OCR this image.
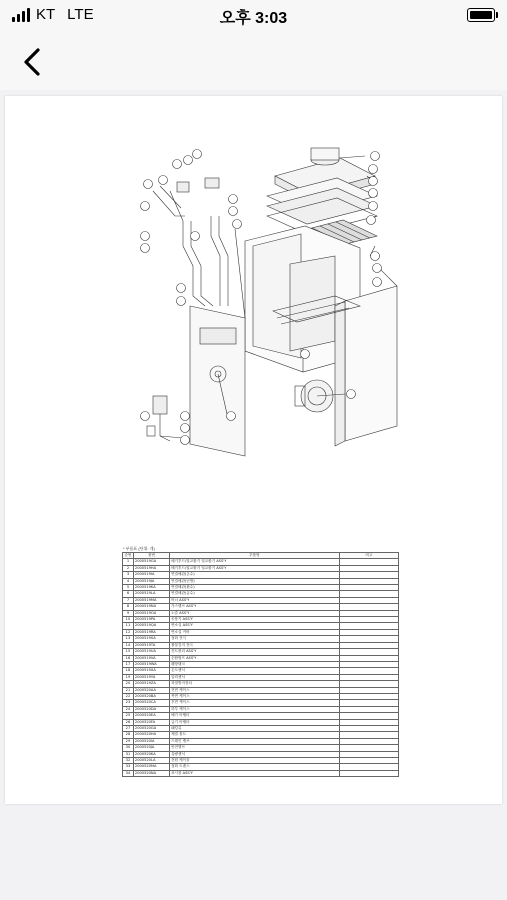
KT LTE	오후 3:03
* 부품표 (단위: 개)
순번	품번	부품명	비고
1	2000519GA	배기후드/열교환기 열교환기 ASS'Y	
2	2000519HA	배기후드/열교환기 열교환기 ASS'Y	
3	2000519IA	연결배관(온수)	
4	2000519JA	연결배관(난방)	
5	2000519KA	연결배관(환수)	
6	2000519LA	연결배관(급수)	
7	2000519MA	버너 ASS'Y	
8	2000519NA	가스밸브 ASS'Y	
9	2000519OA	노즐 ASS'Y	
10	2000519PA	송풍기 ASS'Y	
11	2000519QA	연소실 ASS'Y	
12	2000519RA	연소실 커버	
13	2000519SA	점화 전극	
14	2000519TA	불꽃감지 전극	
15	2000519UA	컨트롤러 ASS'Y	
16	2000519VA	순환펌프 ASS'Y	
17	2000519WA	팽창탱크	
18	2000519XA	온도센서	
19	2000519YA	압력센서	
20	2000519ZA	과열방지장치	
21	2000520AA	전면 케이스	
22	2000520BA	측면 케이스	
23	2000520CA	후면 케이스	
24	2000520DA	하부 케이스	
25	2000520EA	배기 어댑터	
26	2000520FA	급기 어댑터	
27	2000520GA	패킹류	
28	2000520HA	체결 볼트	
29	2000520IA	드레인 밸브	
30	2000520JA	안전밸브	
31	2000520KA	유량센서	
32	2000520LA	전원 케이블	
33	2000520MA	점화 트랜스	
34	2000520NA	표시창 ASS'Y	
